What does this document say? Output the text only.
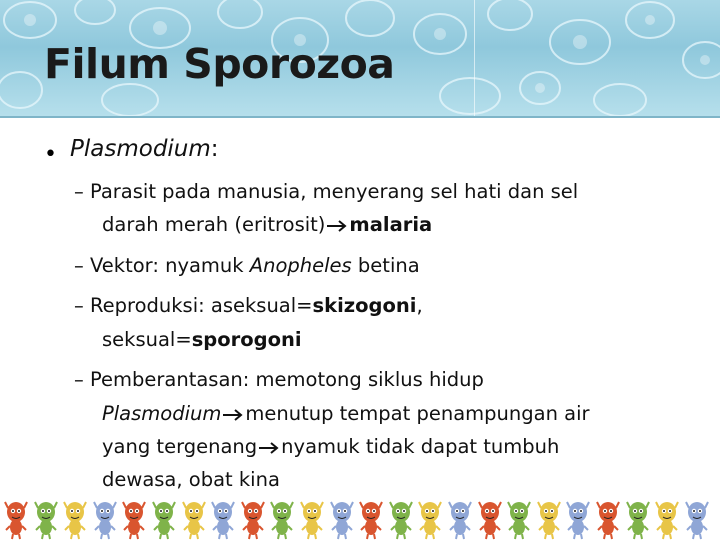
Filum Sporozoa
• Plasmodium:
– Parasit pada manusia, menyerang sel hati dan sel
darah merah (eritrosit) malaria
– Vektor: nyamuk Anopheles betina
– Reproduksi: aseksual=skizogoni,
seksual=sporogoni
– Pemberantasan: memotong siklus hidup
Plasmodium menutup tempat penampungan air
yang tergenang nyamuk tidak dapat tumbuh
dewasa, obat kina
